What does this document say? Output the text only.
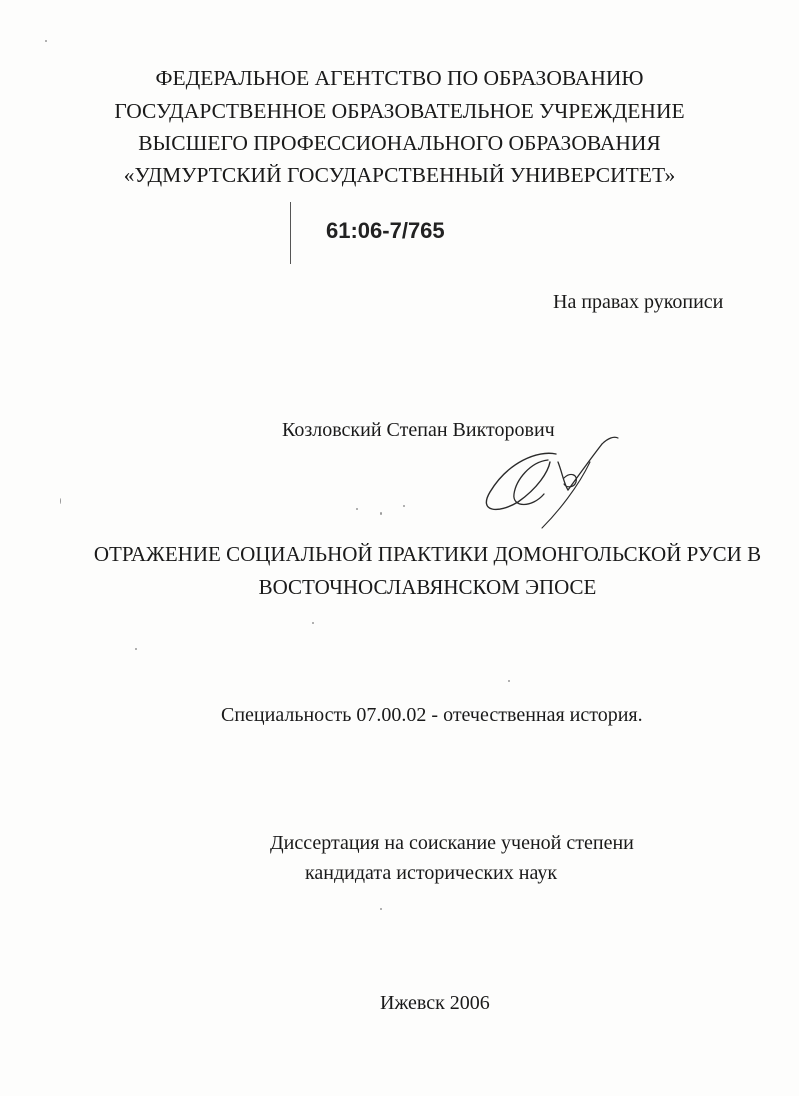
ФЕДЕРАЛЬНОЕ АГЕНТСТВО ПО ОБРАЗОВАНИЮ
ГОСУДАРСТВЕННОЕ ОБРАЗОВАТЕЛЬНОЕ УЧРЕЖДЕНИЕ
ВЫСШЕГО ПРОФЕССИОНАЛЬНОГО ОБРАЗОВАНИЯ
«УДМУРТСКИЙ ГОСУДАРСТВЕННЫЙ УНИВЕРСИТЕТ»
61:06-7/765
На правах рукописи
Козловский Степан Викторович
ОТРАЖЕНИЕ СОЦИАЛЬНОЙ ПРАКТИКИ ДОМОНГОЛЬСКОЙ РУСИ В
ВОСТОЧНОСЛАВЯНСКОМ ЭПОСЕ
Специальность 07.00.02 - отечественная история.
Диссертация на соискание ученой степени
кандидата исторических наук
Ижевск 2006
